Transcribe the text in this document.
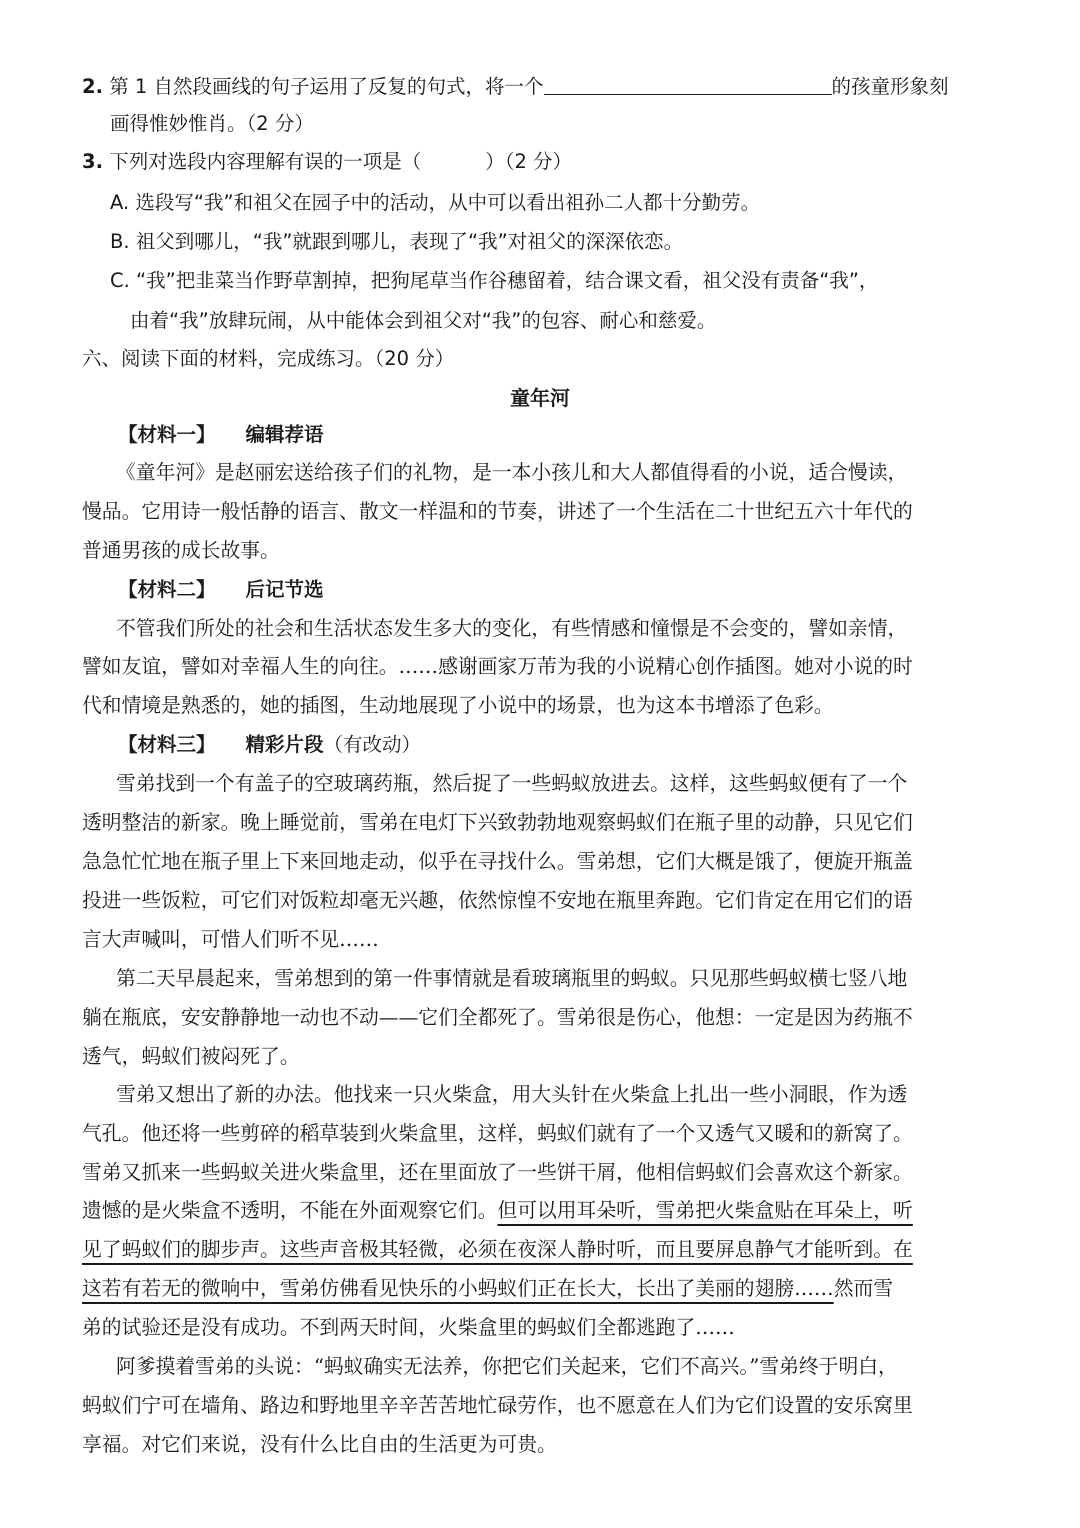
2. 第 1 自然段画线的句子运用了反复的句式，将一个	的孩童形象刻
画得惟妙惟肖。（2 分）
3. 下列对选段内容理解有误的一项是（	）（2 分）
A. 选段写“我”和祖父在园子中的活动，从中可以看出祖孙二人都十分勤劳。
B. 祖父到哪儿，“我”就跟到哪儿，表现了“我”对祖父的深深依恋。
C. “我”把韭菜当作野草割掉，把狗尾草当作谷穗留着，结合课文看，祖父没有责备“我”，
由着“我”放肆玩闹，从中能体会到祖父对“我”的包容、耐心和慈爱。
六、阅读下面的材料，完成练习。（20 分）
童年河
【材料一】 编辑荐语
《童年河》是赵丽宏送给孩子们的礼物，是一本小孩儿和大人都值得看的小说，适合慢读，
慢品。它用诗一般恬静的语言、散文一样温和的节奏，讲述了一个生活在二十世纪五六十年代的
普通男孩的成长故事。
【材料二】 后记节选
不管我们所处的社会和生活状态发生多大的变化，有些情感和憧憬是不会变的，譬如亲情，
譬如友谊，譬如对幸福人生的向往。……感谢画家万芾为我的小说精心创作插图。她对小说的时
代和情境是熟悉的，她的插图，生动地展现了小说中的场景，也为这本书增添了色彩。
【材料三】 精彩片段（有改动）
雪弟找到一个有盖子的空玻璃药瓶，然后捉了一些蚂蚁放进去。这样，这些蚂蚁便有了一个
透明整洁的新家。晚上睡觉前，雪弟在电灯下兴致勃勃地观察蚂蚁们在瓶子里的动静，只见它们
急急忙忙地在瓶子里上下来回地走动，似乎在寻找什么。雪弟想，它们大概是饿了，便旋开瓶盖
投进一些饭粒，可它们对饭粒却毫无兴趣，依然惊惶不安地在瓶里奔跑。它们肯定在用它们的语
言大声喊叫，可惜人们听不见……
第二天早晨起来，雪弟想到的第一件事情就是看玻璃瓶里的蚂蚁。只见那些蚂蚁横七竖八地
躺在瓶底，安安静静地一动也不动——它们全都死了。雪弟很是伤心，他想：一定是因为药瓶不
透气，蚂蚁们被闷死了。
雪弟又想出了新的办法。他找来一只火柴盒，用大头针在火柴盒上扎出一些小洞眼，作为透
气孔。他还将一些剪碎的稻草装到火柴盒里，这样，蚂蚁们就有了一个又透气又暖和的新窝了。
雪弟又抓来一些蚂蚁关进火柴盒里，还在里面放了一些饼干屑，他相信蚂蚁们会喜欢这个新家。
遗憾的是火柴盒不透明，不能在外面观察它们。但可以用耳朵听，雪弟把火柴盒贴在耳朵上，听
见了蚂蚁们的脚步声。这些声音极其轻微，必须在夜深人静时听，而且要屏息静气才能听到。在
这若有若无的微响中，雪弟仿佛看见快乐的小蚂蚁们正在长大，长出了美丽的翅膀……然而雪
弟的试验还是没有成功。不到两天时间，火柴盒里的蚂蚁们全都逃跑了……
阿爹摸着雪弟的头说：“蚂蚁确实无法养，你把它们关起来，它们不高兴。”雪弟终于明白，
蚂蚁们宁可在墙角、路边和野地里辛辛苦苦地忙碌劳作，也不愿意在人们为它们设置的安乐窝里
享福。对它们来说，没有什么比自由的生活更为可贵。
